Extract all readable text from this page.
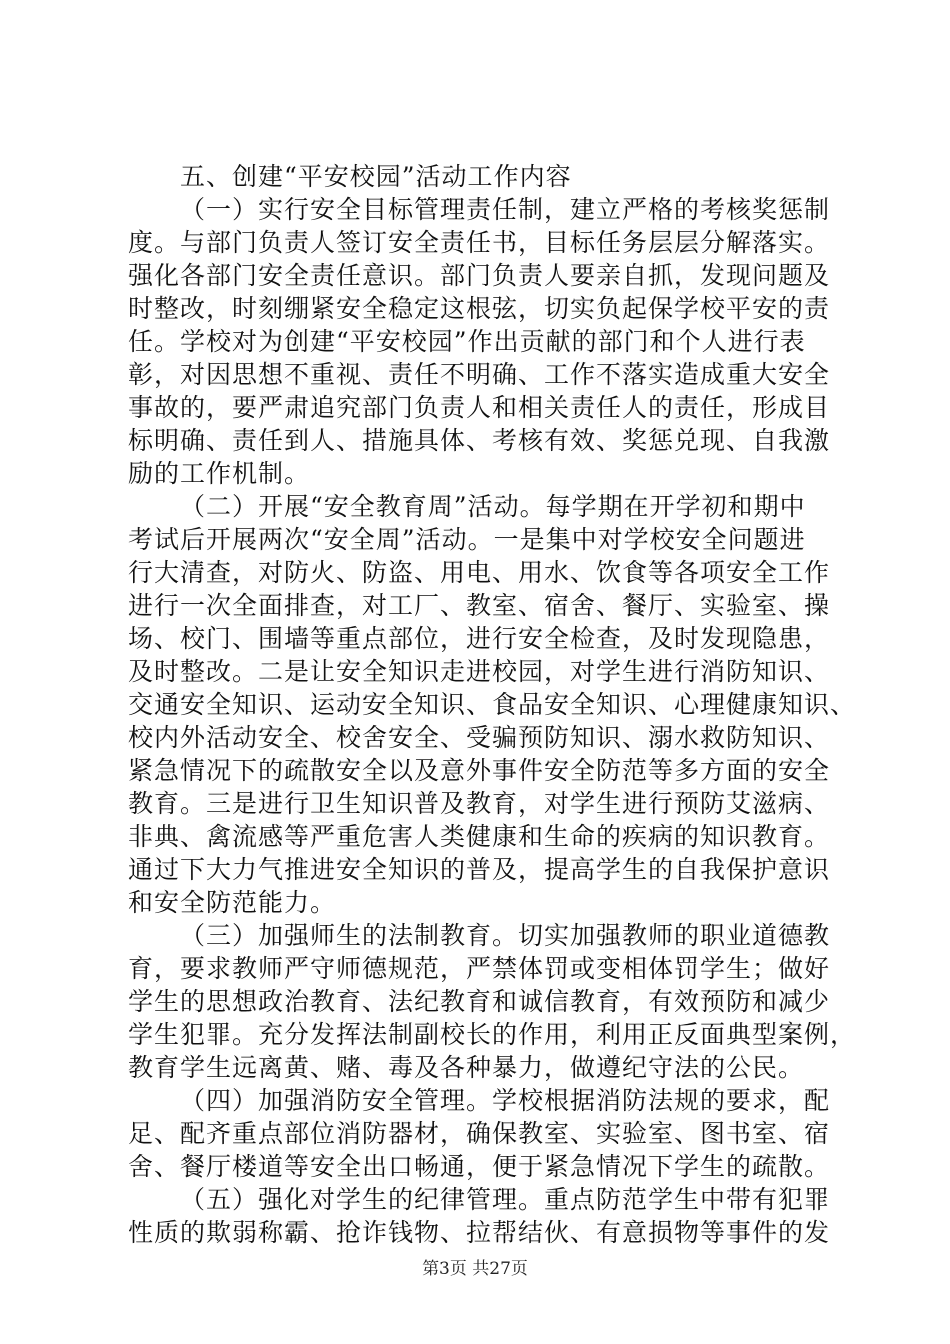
五、创建“平安校园”活动工作内容
（一）实行安全目标管理责任制，建立严格的考核奖惩制
度。与部门负责人签订安全责任书，目标任务层层分解落实。
强化各部门安全责任意识。部门负责人要亲自抓，发现问题及
时整改，时刻绷紧安全稳定这根弦，切实负起保学校平安的责
任。学校对为创建“平安校园”作出贡献的部门和个人进行表
彰，对因思想不重视、责任不明确、工作不落实造成重大安全
事故的，要严肃追究部门负责人和相关责任人的责任，形成目
标明确、责任到人、措施具体、考核有效、奖惩兑现、自我激
励的工作机制。
（二）开展“安全教育周”活动。每学期在开学初和期中
考试后开展两次“安全周”活动。一是集中对学校安全问题进
行大清查，对防火、防盗、用电、用水、饮食等各项安全工作
进行一次全面排查，对工厂、教室、宿舍、餐厅、实验室、操
场、校门、围墙等重点部位，进行安全检查，及时发现隐患，
及时整改。二是让安全知识走进校园，对学生进行消防知识、
交通安全知识、运动安全知识、食品安全知识、心理健康知识、
校内外活动安全、校舍安全、受骗预防知识、溺水救防知识、
紧急情况下的疏散安全以及意外事件安全防范等多方面的安全
教育。三是进行卫生知识普及教育，对学生进行预防艾滋病、
非典、禽流感等严重危害人类健康和生命的疾病的知识教育。
通过下大力气推进安全知识的普及，提高学生的自我保护意识
和安全防范能力。
（三）加强师生的法制教育。切实加强教师的职业道德教
育，要求教师严守师德规范，严禁体罚或变相体罚学生；做好
学生的思想政治教育、法纪教育和诚信教育，有效预防和减少
学生犯罪。充分发挥法制副校长的作用，利用正反面典型案例，
教育学生远离黄、赌、毒及各种暴力，做遵纪守法的公民。
（四）加强消防安全管理。学校根据消防法规的要求，配
足、配齐重点部位消防器材，确保教室、实验室、图书室、宿
舍、餐厅楼道等安全出口畅通，便于紧急情况下学生的疏散。
（五）强化对学生的纪律管理。重点防范学生中带有犯罪
性质的欺弱称霸、抢诈钱物、拉帮结伙、有意损物等事件的发
第3页 共27页
